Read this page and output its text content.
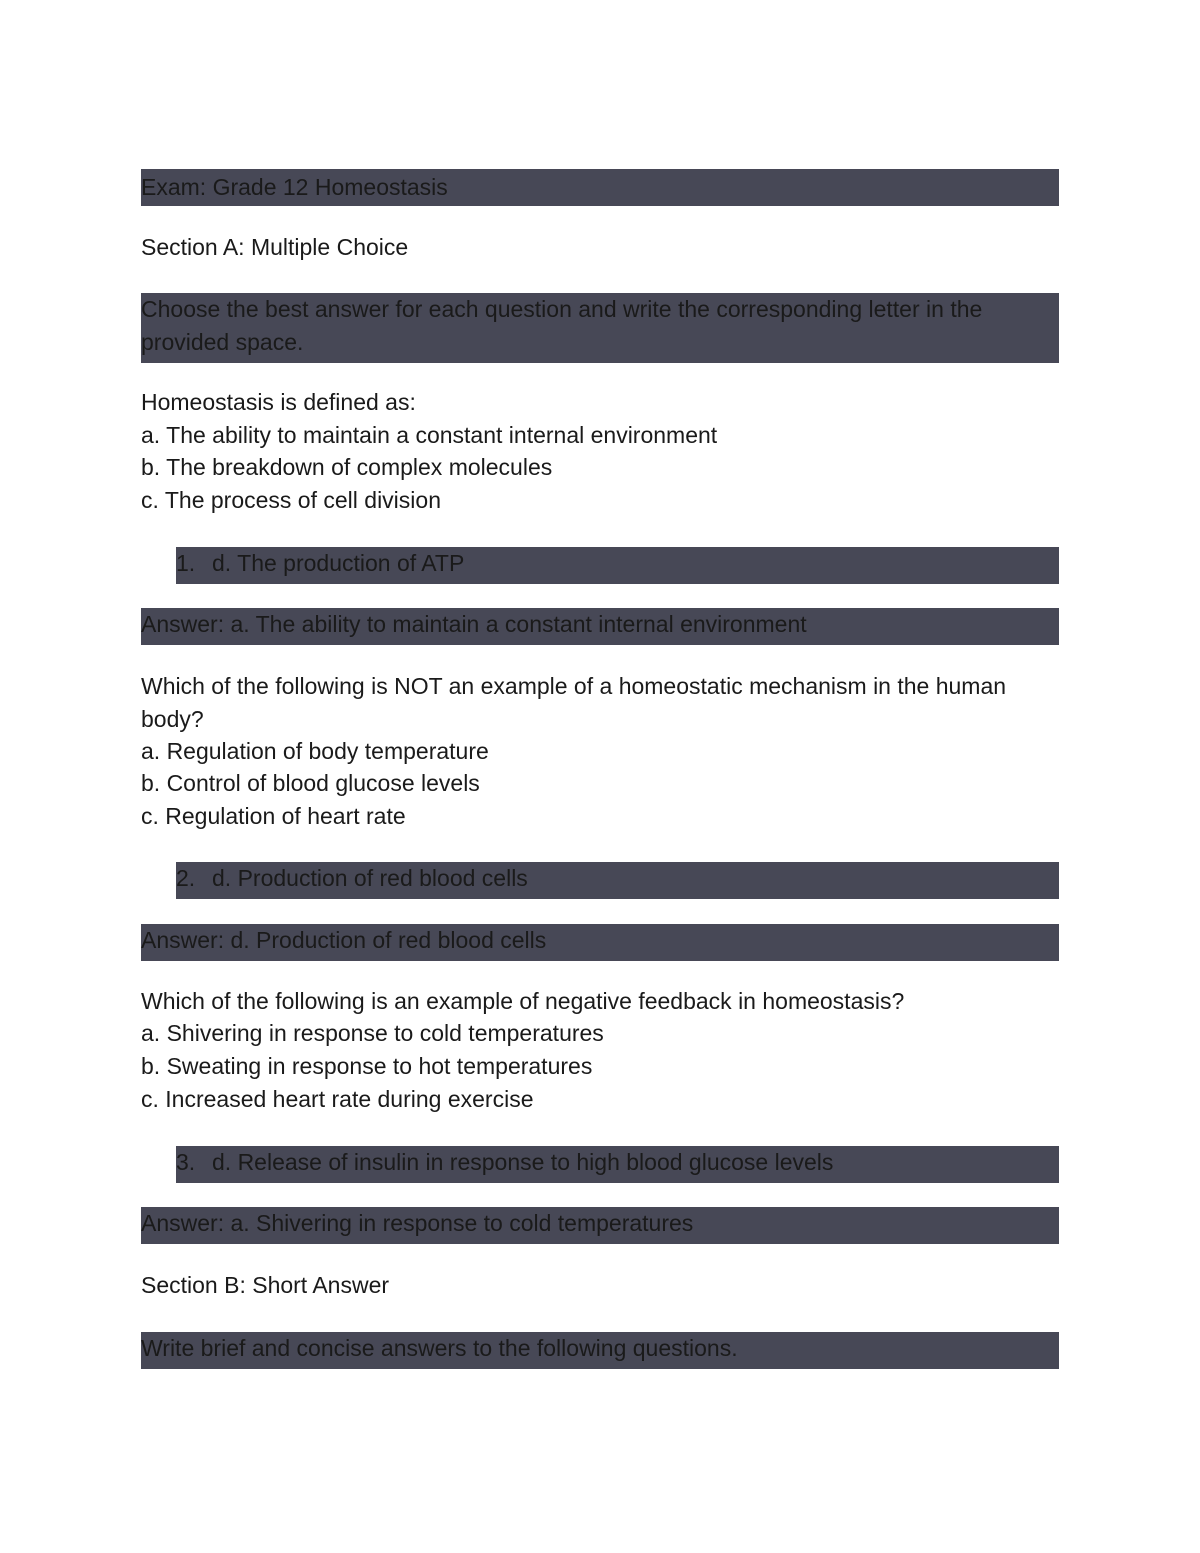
Exam: Grade 12 Homeostasis
Section A: Multiple Choice
Choose the best answer for each question and write the corresponding letter in the provided space.
Homeostasis is defined as:
a. The ability to maintain a constant internal environment
b. The breakdown of complex molecules
c. The process of cell division
1. d. The production of ATP
Answer: a. The ability to maintain a constant internal environment
Which of the following is NOT an example of a homeostatic mechanism in the human body?
a. Regulation of body temperature
b. Control of blood glucose levels
c. Regulation of heart rate
2. d. Production of red blood cells
Answer: d. Production of red blood cells
Which of the following is an example of negative feedback in homeostasis?
a. Shivering in response to cold temperatures
b. Sweating in response to hot temperatures
c. Increased heart rate during exercise
3. d. Release of insulin in response to high blood glucose levels
Answer: a. Shivering in response to cold temperatures
Section B: Short Answer
Write brief and concise answers to the following questions.
